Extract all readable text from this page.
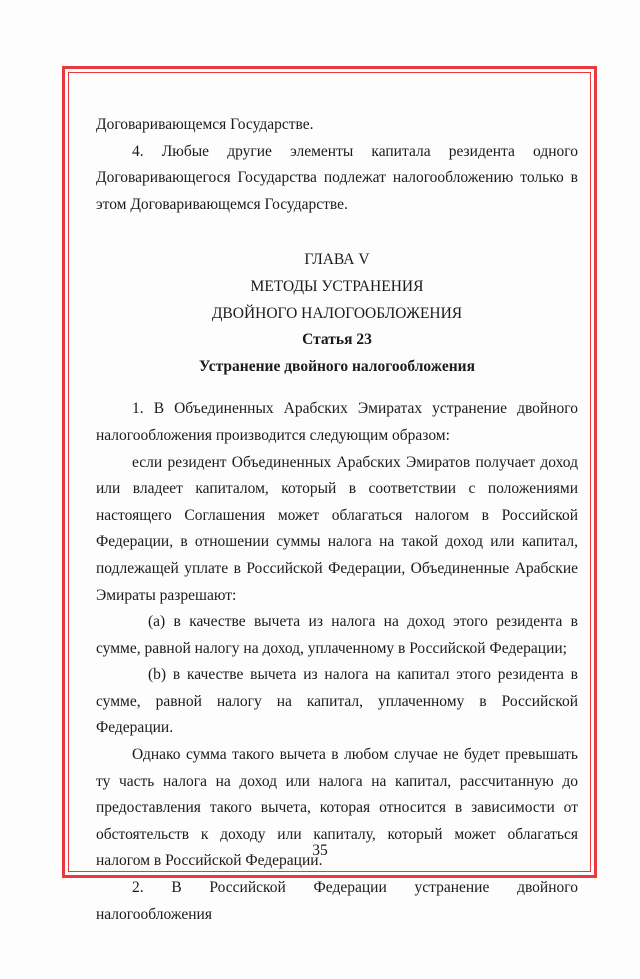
Договаривающемся Государстве.

4. Любые другие элементы капитала резидента одного Договаривающегося Государства подлежат налогообложению только в этом Договаривающемся Государстве.

ГЛАВА V

МЕТОДЫ УСТРАНЕНИЯ

ДВОЙНОГО НАЛОГООБЛОЖЕНИЯ

Статья 23

Устранение двойного налогообложения

1. В Объединенных Арабских Эмиратах устранение двойного налогообложения производится следующим образом:

если резидент Объединенных Арабских Эмиратов получает доход или владеет капиталом, который в соответствии с положениями настоящего Соглашения может облагаться налогом в Российской Федерации, в отношении суммы налога на такой доход или капитал, подлежащей уплате в Российской Федерации, Объединенные Арабские Эмираты разрешают:

(a) в качестве вычета из налога на доход этого резидента в сумме, равной налогу на доход, уплаченному в Российской Федерации;

(b) в качестве вычета из налога на капитал этого резидента в сумме, равной налогу на капитал, уплаченному в Российской Федерации.

Однако сумма такого вычета в любом случае не будет превышать ту часть налога на доход или налога на капитал, рассчитанную до предоставления такого вычета, которая относится в зависимости от обстоятельств к доходу или капиталу, который может облагаться налогом в Российской Федерации.

2. В Российской Федерации устранение двойного налогообложения

35
